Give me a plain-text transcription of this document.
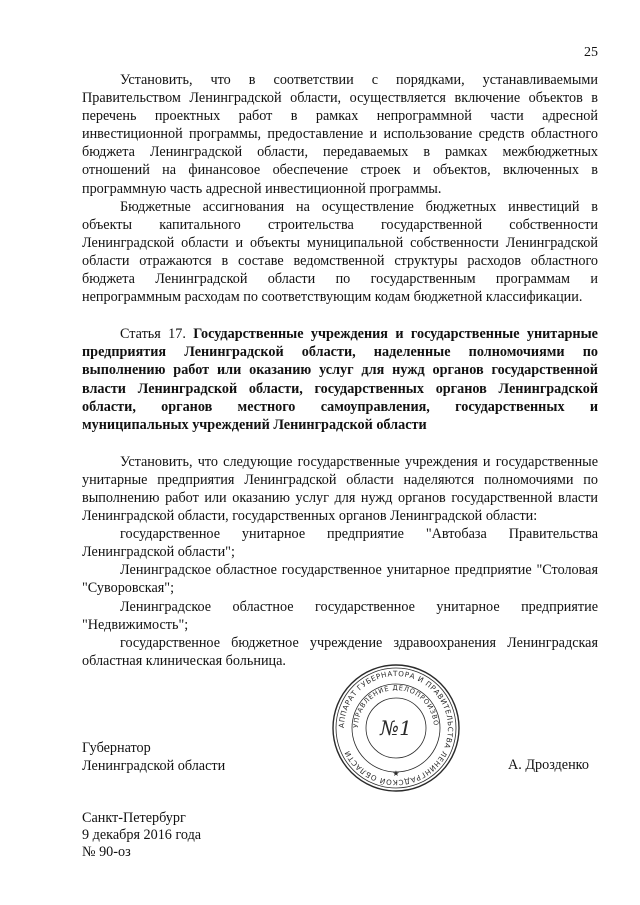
25

Установить, что в соответствии с порядками, устанавливаемыми Правительством Ленинградской области, осуществляется включение объектов в перечень проектных работ в рамках непрограммной части адресной инвестиционной программы, предоставление и использование средств областного бюджета Ленинградской области, передаваемых в рамках межбюджетных отношений на финансовое обеспечение строек и объектов, включенных в программную часть адресной инвестиционной программы.

Бюджетные ассигнования на осуществление бюджетных инвестиций в объекты капитального строительства государственной собственности Ленинградской области и объекты муниципальной собственности Ленинградской области отражаются в составе ведомственной структуры расходов областного бюджета Ленинградской области по государственным программам и непрограммным расходам по соответствующим кодам бюджетной классификации.

Статья 17. Государственные учреждения и государственные унитарные предприятия Ленинградской области, наделенные полномочиями по выполнению работ или оказанию услуг для нужд органов государственной власти Ленинградской области, государственных органов Ленинградской области, органов местного самоуправления, государственных и муниципальных учреждений Ленинградской области

Установить, что следующие государственные учреждения и государственные унитарные предприятия Ленинградской области наделяются полномочиями по выполнению работ или оказанию услуг для нужд органов государственной власти Ленинградской области, государственных органов Ленинградской области:

государственное унитарное предприятие "Автобаза Правительства Ленинградской области";

Ленинградское областное государственное унитарное предприятие "Столовая "Суворовская";

Ленинградское областное государственное унитарное предприятие "Недвижимость";

государственное бюджетное учреждение здравоохранения Ленинградская областная клиническая больница.

Губернатор
Ленинградской области
АППАРАТ ГУБЕРНАТОРА И ПРАВИТЕЛЬСТВА ЛЕНИНГРАДСКОЙ ОБЛАСТИ
УПРАВЛЕНИЕ ДЕЛОПРОИЗВО
№1
★
А. Дрозденко
Санкт-Петербург
9 декабря 2016 года
№ 90-оз
